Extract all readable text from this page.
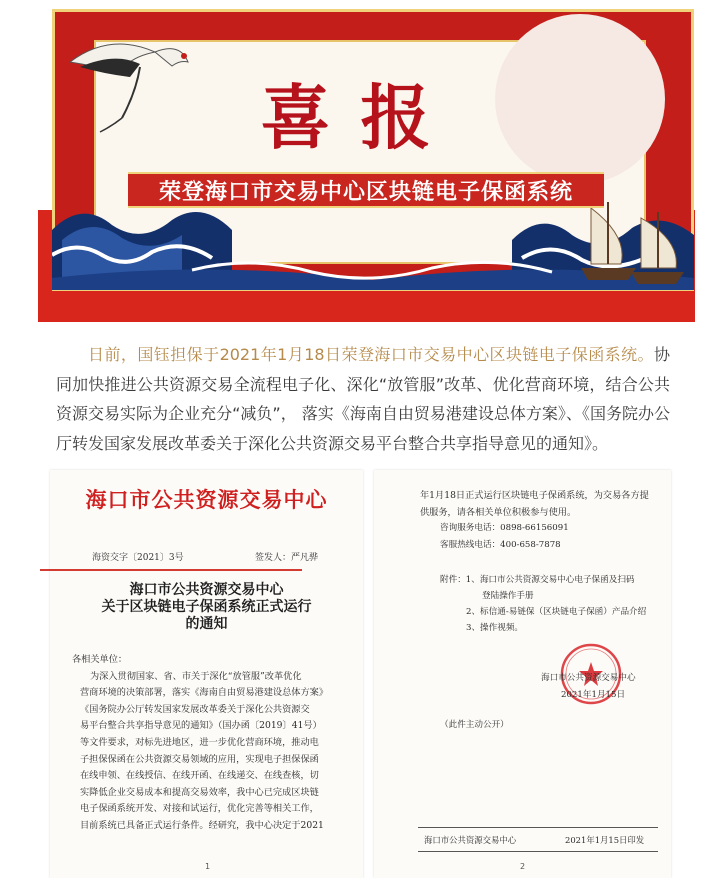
喜报
荣登海口市交易中心区块链电子保函系统

日前，国钰担保于2021年1月18日荣登海口市交易中心区块链电子保函系统。协同加快推进公共资源交易全流程电子化、深化“放管服”改革、优化营商环境，结合公共资源交易实际为企业充分“减负”， 落实《海南自由贸易港建设总体方案》、《国务院办公厅转发国家发展改革委关于深化公共资源交易平台整合共享指导意见的通知》。

海口市公共资源交易中心
海资交字〔2021〕3号	签发人：严凡骅
海口市公共资源交易中心
关于区块链电子保函系统正式运行
的通知

各相关单位：

为深入贯彻国家、省、市关于深化“放管服”改革优化

营商环境的决策部署，落实《海南自由贸易港建设总体方案》

《国务院办公厅转发国家发展改革委关于深化公共资源交

易平台整合共享指导意见的通知》（国办函〔2019〕41号）

等文件要求，对标先进地区，进一步优化营商环境，推动电

子担保保函在公共资源交易领域的应用，实现电子担保保函

在线申领、在线授信、在线开函、在线递交、在线查核，切

实降低企业交易成本和提高交易效率，我中心已完成区块链

电子保函系统开发、对接和试运行，优化完善等相关工作，

目前系统已具备正式运行条件。经研究，我中心决定于2021

1

年1月18日正式运行区块链电子保函系统，为交易各方提

供服务，请各相关单位积极参与使用。

咨询服务电话：0898-66156091
客服热线电话：400-658-7878
附件：1、海口市公共资源交易中心电子保函及扫码
登陆操作手册
2、标信通-易链保（区块链电子保函）产品介绍
3、操作视频。
海口市公共资源交易中心
2021年1月15日
（此件主动公开）
海口市公共资源交易中心	2021年1月15日印发
2
